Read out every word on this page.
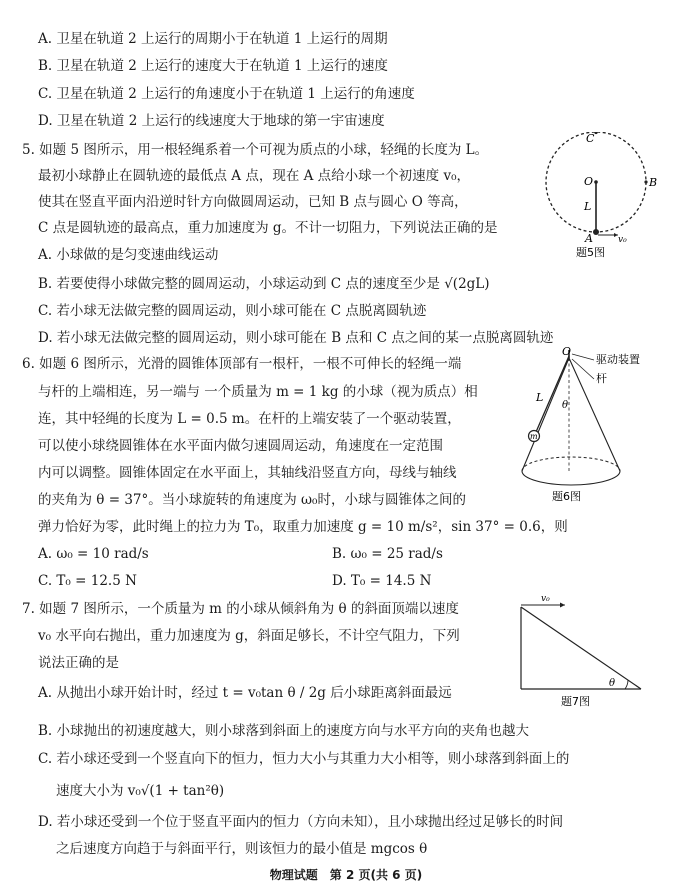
A. 卫星在轨道 2 上运行的周期小于在轨道 1 上运行的周期
B. 卫星在轨道 2 上运行的速度大于在轨道 1 上运行的速度
C. 卫星在轨道 2 上运行的角速度小于在轨道 1 上运行的角速度
D. 卫星在轨道 2 上运行的线速度大于地球的第一宇宙速度
5. 如题 5 图所示，用一根轻绳系着一个可视为质点的小球，轻绳的长度为 L。
最初小球静止在圆轨迹的最低点 A 点，现在 A 点给小球一个初速度 v₀，
使其在竖直平面内沿逆时针方向做圆周运动，已知 B 点与圆心 O 等高，
C 点是圆轨迹的最高点，重力加速度为 g。不计一切阻力，下列说法正确的是
A. 小球做的是匀变速曲线运动
B. 若要使得小球做完整的圆周运动，小球运动到 C 点的速度至少是 √(2gL)
C. 若小球无法做完整的圆周运动，则小球可能在 C 点脱离圆轨迹
D. 若小球无法做完整的圆周运动，则小球可能在 B 点和 C 点之间的某一点脱离圆轨迹
C
O	B
L
A	v₀
题5图
6. 如题 6 图所示，光滑的圆锥体顶部有一根杆，一根不可伸长的轻绳一端
与杆的上端相连，另一端与 一个质量为 m = 1 kg 的小球（视为质点）相
连，其中轻绳的长度为 L = 0.5 m。在杆的上端安装了一个驱动装置，
可以使小球绕圆锥体在水平面内做匀速圆周运动，角速度在一定范围
内可以调整。圆锥体固定在水平面上，其轴线沿竖直方向，母线与轴线
的夹角为 θ = 37°。当小球旋转的角速度为 ω₀时，小球与圆锥体之间的
弹力恰好为零，此时绳上的拉力为 T₀，取重力加速度 g = 10 m/s²，sin 37° = 0.6，则
A. ω₀ = 10 rad/s	B. ω₀ = 25 rad/s
C. T₀ = 12.5 N	D. T₀ = 14.5 N
m
O
驱动装置
杆
L
θ
题6图
7. 如题 7 图所示，一个质量为 m 的小球从倾斜角为 θ 的斜面顶端以速度
v₀ 水平向右抛出，重力加速度为 g，斜面足够长，不计空气阻力，下列
说法正确的是
A. 从抛出小球开始计时，经过 t = v₀tan θ / 2g 后小球距离斜面最远
B. 小球抛出的初速度越大，则小球落到斜面上的速度方向与水平方向的夹角也越大
C. 若小球还受到一个竖直向下的恒力，恒力大小与其重力大小相等，则小球落到斜面上的
速度大小为 v₀√(1 + tan²θ)
D. 若小球还受到一个位于竖直平面内的恒力（方向未知），且小球抛出经过足够长的时间
之后速度方向趋于与斜面平行，则该恒力的最小值是 mgcos θ
v₀
θ
题7图
物理试题　第 2 页(共 6 页)
